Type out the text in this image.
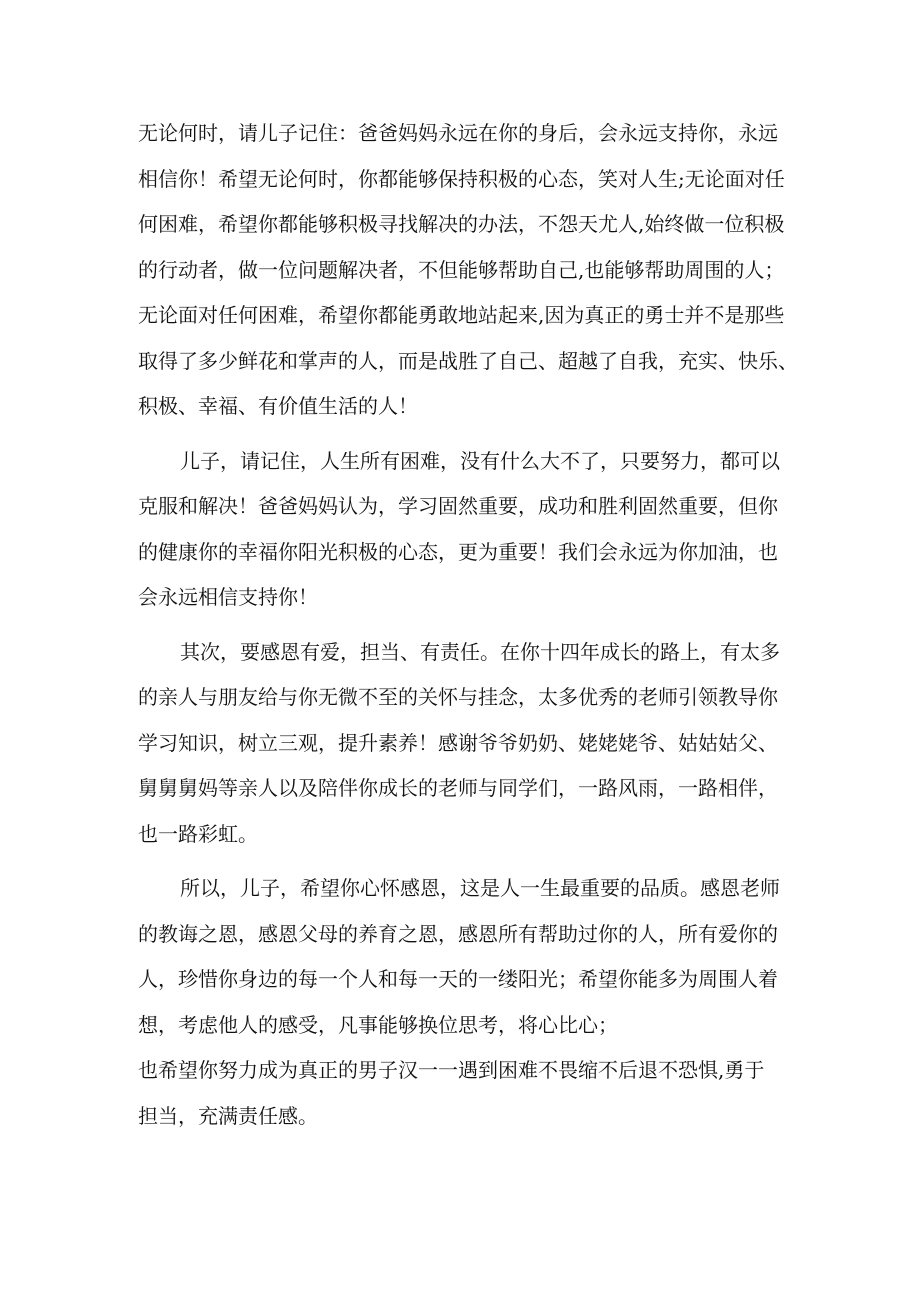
无论何时，请儿子记住：爸爸妈妈永远在你的身后，会永远支持你，永远
相信你！希望无论何时，你都能够保持积极的心态，笑对人生;无论面对任
何困难，希望你都能够积极寻找解决的办法，不怨天尤人,始终做一位积极
的行动者，做一位问题解决者，不但能够帮助自己,也能够帮助周围的人；
无论面对任何困难，希望你都能勇敢地站起来,因为真正的勇士并不是那些
取得了多少鲜花和掌声的人，而是战胜了自己、超越了自我，充实、快乐、
积极、幸福、有价值生活的人！
儿子，请记住，人生所有困难，没有什么大不了，只要努力，都可以
克服和解决！爸爸妈妈认为，学习固然重要，成功和胜利固然重要，但你
的健康你的幸福你阳光积极的心态，更为重要！我们会永远为你加油，也
会永远相信支持你！
其次，要感恩有爱，担当、有责任。在你十四年成长的路上，有太多
的亲人与朋友给与你无微不至的关怀与挂念，太多优秀的老师引领教导你
学习知识，树立三观，提升素养！感谢爷爷奶奶、姥姥姥爷、姑姑姑父、
舅舅舅妈等亲人以及陪伴你成长的老师与同学们，一路风雨，一路相伴，
也一路彩虹。
所以，儿子，希望你心怀感恩，这是人一生最重要的品质。感恩老师
的教诲之恩，感恩父母的养育之恩，感恩所有帮助过你的人，所有爱你的
人，珍惜你身边的每一个人和每一天的一缕阳光；希望你能多为周围人着
想，考虑他人的感受，凡事能够换位思考，将心比心；
也希望你努力成为真正的男子汉一一遇到困难不畏缩不后退不恐惧,勇于
担当，充满责任感。
